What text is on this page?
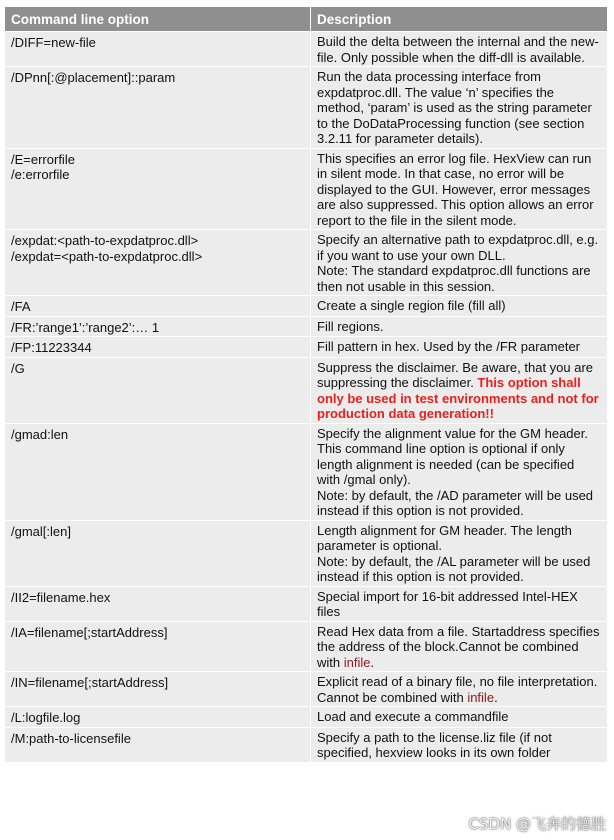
Command line option	Description

/DIFF=new-file	Build the delta between the internal and the new-file. Only possible when the diff-dll is available.

/DPnn[:@placement]::param	Run the data processing interface from expdatproc.dll. The value ‘n’ specifies the method, ‘param’ is used as the string parameter to the DoDataProcessing function (see section 3.2.11 for parameter details).

/E=errorfile
/e:errorfile	This specifies an error log file. HexView can run in silent mode. In that case, no error will be displayed to the GUI. However, error messages are also suppressed. This option allows an error report to the file in the silent mode.

/expdat:<path-to-expdatproc.dll>
/expdat=<path-to-expdatproc.dll>	Specify an alternative path to expdatproc.dll, e.g. if you want to use your own DLL.
Note: The standard expdatproc.dll functions are then not usable in this session.

/FA	Create a single region file (fill all)

/FR:’range1’:’range2’:… 1	Fill regions.

/FP:11223344	Fill pattern in hex. Used by the /FR parameter

/G	Suppress the disclaimer. Be aware, that you are suppressing the disclaimer. This option shall only be used in test environments and not for production data generation!!

/gmad:len	Specify the alignment value for the GM header. This command line option is optional if only length alignment is needed (can be specified with /gmal only).
Note: by default, the /AD parameter will be used instead if this option is not provided.

/gmal[:len]	Length alignment for GM header. The length parameter is optional.
Note: by default, the /AL parameter will be used instead if this option is not provided.

/II2=filename.hex	Special import for 16-bit addressed Intel-HEX files

/IA=filename[;startAddress]	Read Hex data from a file. Startaddress specifies the address of the block.Cannot be combined with infile.

/IN=filename[;startAddress]	Explicit read of a binary file, no file interpretation. Cannot be combined with infile.

/L:logfile.log	Load and execute a commandfile

/M:path-to-licensefile	Specify a path to the license.liz file (if not specified, hexview looks in its own folder
CSDN @飞奔的德胜
